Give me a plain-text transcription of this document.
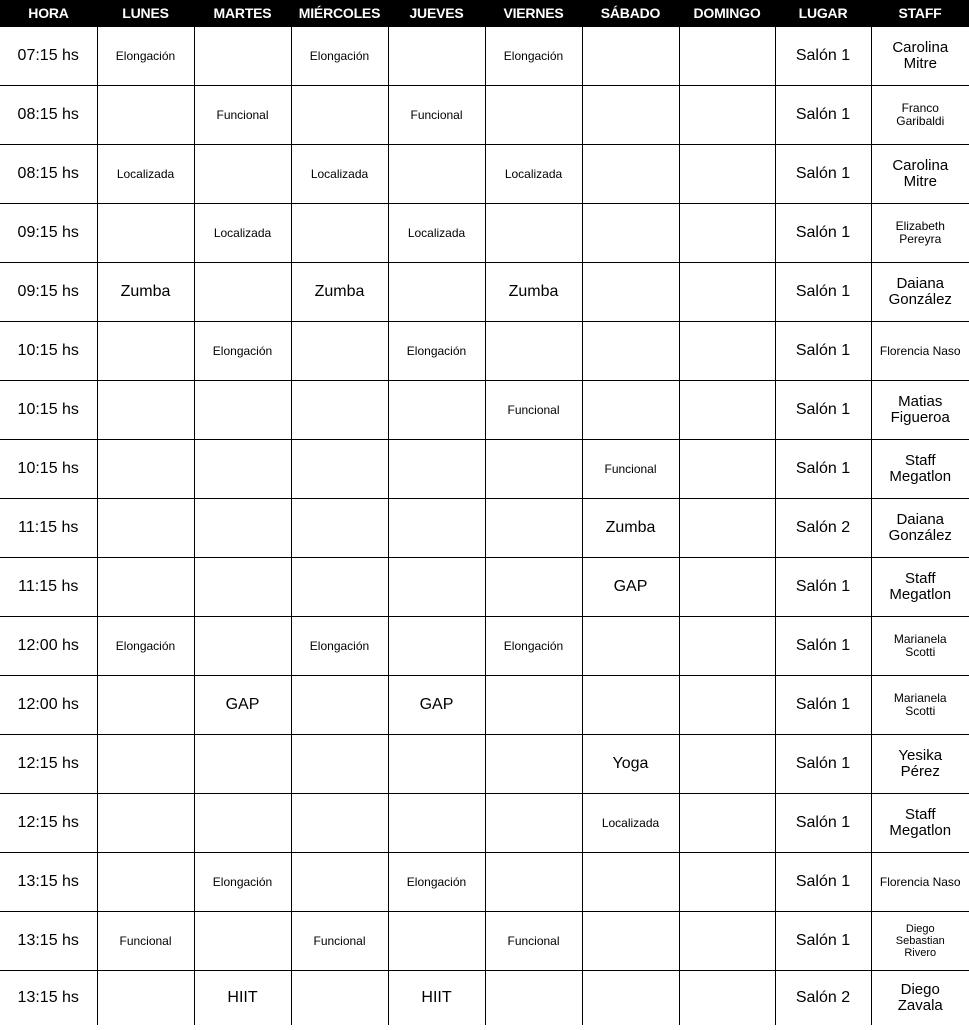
HORA	LUNES	MARTES	MIÉRCOLES	JUEVES	VIERNES	SÁBADO	DOMINGO	LUGAR	STAFF
07:15 hs	Elongación		Elongación		Elongación			Salón 1	Carolina
Mitre

08:15 hs		Funcional		Funcional				Salón 1	Franco
Garibaldi

08:15 hs	Localizada		Localizada		Localizada			Salón 1	Carolina
Mitre

09:15 hs		Localizada		Localizada				Salón 1	Elizabeth
Pereyra

09:15 hs	Zumba		Zumba		Zumba			Salón 1	Daiana
González

10:15 hs		Elongación		Elongación				Salón 1	Florencia Naso

10:15 hs					Funcional			Salón 1	Matias
Figueroa

10:15 hs						Funcional		Salón 1	Staff
Megatlon

11:15 hs						Zumba		Salón 2	Daiana
González

11:15 hs						GAP		Salón 1	Staff
Megatlon

12:00 hs	Elongación		Elongación		Elongación			Salón 1	Marianela
Scotti

12:00 hs		GAP		GAP				Salón 1	Marianela
Scotti

12:15 hs						Yoga		Salón 1	Yesika
Pérez

12:15 hs						Localizada		Salón 1	Staff
Megatlon

13:15 hs		Elongación		Elongación				Salón 1	Florencia Naso

13:15 hs	Funcional		Funcional		Funcional			Salón 1	Diego
Sebastian
Rivero

13:15 hs		HIIT		HIIT				Salón 2	Diego
Zavala
